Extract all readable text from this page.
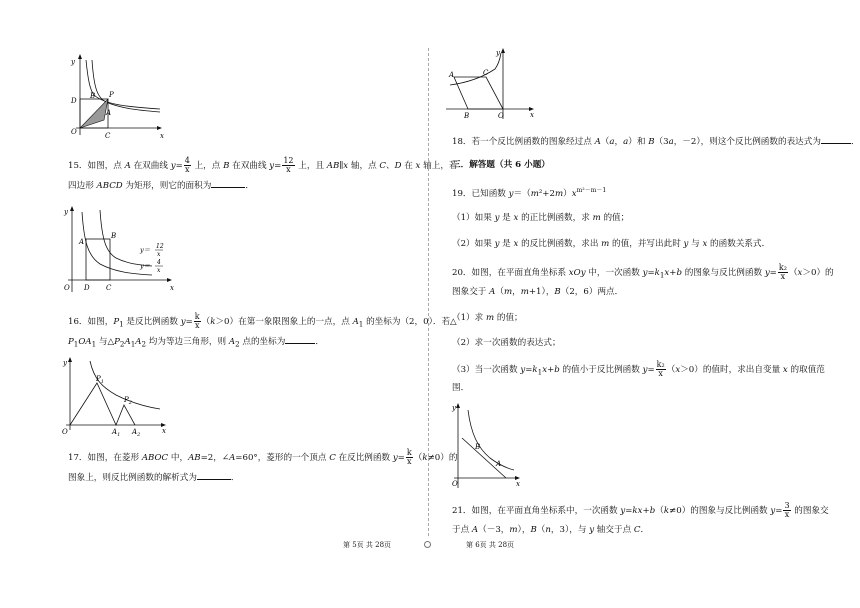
y
x
O	C
D
B P
A
15．如图，点 A 在双曲线 $y= \frac{4}{x}$ 上，点 B 在双曲线 $y= \frac{12}{x}$ 上，且 AB∥x 轴，点 C、D 在 x 轴上，若
四边形 ABCD 为矩形，则它的面积为	．
y
x
O D C
A
B
y＝ 12
x
y＝ 4
x
16．如图，$P_1$ 是反比例函数 $y= \frac{k}{x} (k>0)$在第一象限图象上的一点，点 $A_1$ 的坐标为（2，0）．若△
$P_1OA_1$ 与$\triangle P_2A_1A_2$ 均为等边三角形，则 $A_2$ 点的坐标为	．
y
x
O
$P_1$
$P_2$
$A_1$ $A_2$
17．如图，在菱形 ABOC 中，AB=2，∠A=60°，菱形的一个顶点 C 在反比例函数 $y= \frac{k}{x} (k\ne 0)$的
图象上，则反比例函数的解析式为	．
y
x
O
A
B
C
18．若一个反比例函数的图象经过点 A（a，a）和 B（3a，－2），则这个反比例函数的表达式为	．
三．解答题（共 6 小题）
19．已知函数 $y=(m^2+2m)x^{m^2-m-1}$
（1）如果 y 是 x 的正比例函数，求 m 的值；
（2）如果 y 是 x 的反比例函数，求出 m 的值，并写出此时 y 与 x 的函数关系式．
20．如图，在平面直角坐标系 xOy 中，一次函数 $y=k_1x+b$ 的图象与反比例函数 $y= \frac{\text{k₂}}{x} (x>0)$的
图象交于 A（m，m+1），B（2，6）两点．
（1）求 m 的值；
（2）求一次函数的表达式；
（3）当一次函数 $y=k_1x+b$ 的值小于反比例函数 $y= \frac{\text{k₂}}{x} (x>0)$的值时，求出自变量 x 的取值范
围．
y
x
O
B
A
21．如图，在平面直角坐标系中，一次函数 y=kx+b（k≠0）的图象与反比例函数 $y= \frac{3}{x}$ 的图象交
于点 A（－3，m），B（n，3），与 y 轴交于点 C．
第 5页 共 28页	第 6页 共 28页
